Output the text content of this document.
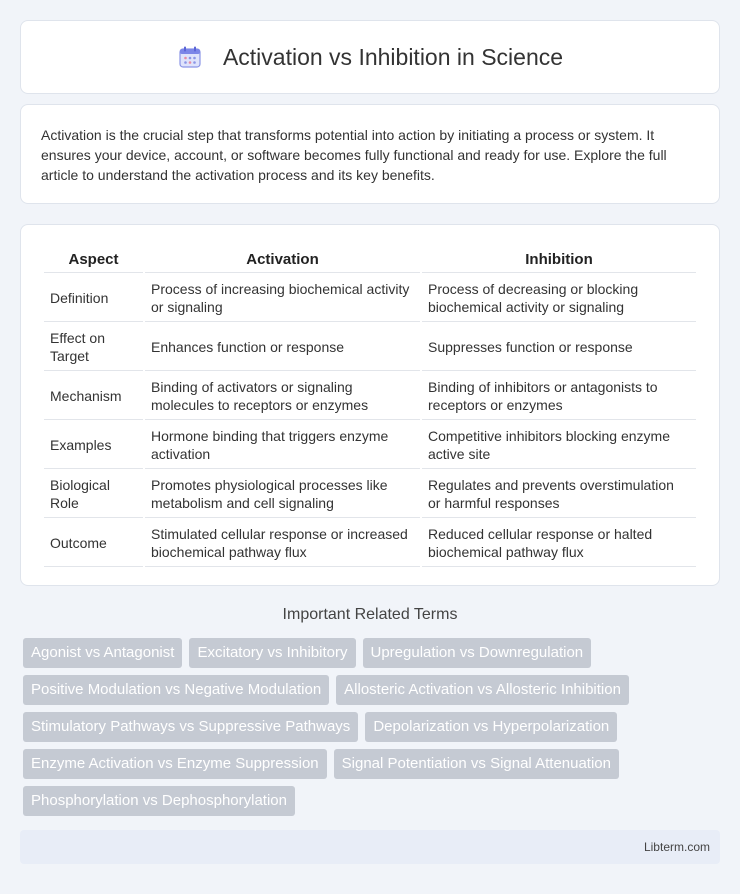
Activation vs Inhibition in Science

Activation is the crucial step that transforms potential into action by initiating a process or system. It ensures your device, account, or software becomes fully functional and ready for use. Explore the full article to understand the activation process and its key benefits.

Aspect	Activation	Inhibition
Definition	Process of increasing biochemical activity or signaling	Process of decreasing or blocking biochemical activity or signaling
Effect on Target	Enhances function or response	Suppresses function or response
Mechanism	Binding of activators or signaling molecules to receptors or enzymes	Binding of inhibitors or antagonists to receptors or enzymes
Examples	Hormone binding that triggers enzyme activation	Competitive inhibitors blocking enzyme active site
Biological Role	Promotes physiological processes like metabolism and cell signaling	Regulates and prevents overstimulation or harmful responses
Outcome	Stimulated cellular response or increased biochemical pathway flux	Reduced cellular response or halted biochemical pathway flux
Important Related Terms
Agonist vs Antagonist	Excitatory vs Inhibitory	Upregulation vs Downregulation
Positive Modulation vs Negative Modulation	Allosteric Activation vs Allosteric Inhibition
Stimulatory Pathways vs Suppressive Pathways	Depolarization vs Hyperpolarization
Enzyme Activation vs Enzyme Suppression	Signal Potentiation vs Signal Attenuation
Phosphorylation vs Dephosphorylation
Libterm.com
